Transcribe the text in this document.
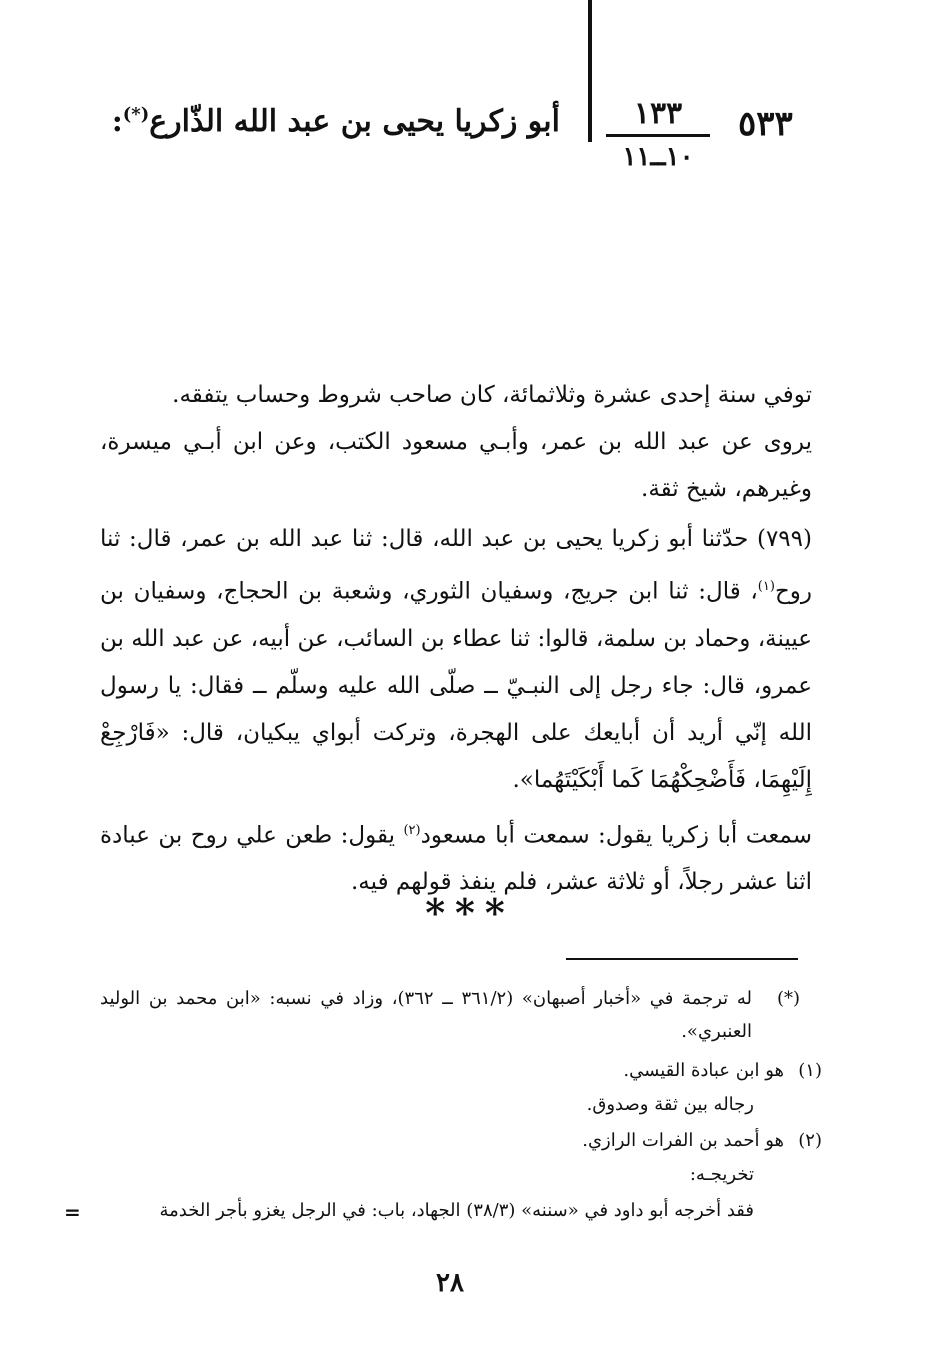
٥٣٣
١٣٣
١٠ــ١١
أبو زكريا يحيى بن عبد الله الذّارع(*):

توفي سنة إحدى عشرة وثلاثمائة، كان صاحب شروط وحساب يتفقه.

يروى عن عبد الله بن عمر، وأبـي مسعود الكتب، وعن ابن أبـي ميسرة، وغيرهم، شيخ ثقة.

(٧٩٩) حدّثنا أبو زكريا يحيى بن عبد الله، قال: ثنا عبد الله بن عمر، قال: ثنا روح$^{(١)}$، قال: ثنا ابن جريج، وسفيان الثوري، وشعبة بن الحجاج، وسفيان بن عيينة، وحماد بن سلمة، قالوا: ثنا عطاء بن السائب، عن أبيه، عن عبد الله بن عمرو، قال: جاء رجل إلى النبـيّ ــ صلّى الله عليه وسلّم ــ فقال: يا رسول الله إنّي أريد أن أبايعك على الهجرة، وتركت أبواي يبكيان، قال: «فَارْجِعْ إِلَيْهِمَا، فَأَضْحِكْهُمَا كَما أَبْكَيْتَهُما».

سمعت أبا زكريا يقول: سمعت أبا مسعود$^{(٢)}$ يقول: طعن علي روح بن عبادة اثنا عشر رجلاً، أو ثلاثة عشر، فلم ينفذ قولهم فيه.

***
(*)
له ترجمة في «أخبار أصبهان» (٣٦١/٢ ــ ٣٦٢)، وزاد في نسبه: «ابن محمد بن الوليد العنبري».
(١)
هو ابن عبادة القيسي.
رجاله بين ثقة وصدوق.
(٢)
هو أحمد بن الفرات الرازي.
تخريجـه:
فقد أخرجه أبو داود في «سننه» (٣٨/٣) الجهاد، باب: في الرجل يغزو بأجر الخدمة
=
٢٨
